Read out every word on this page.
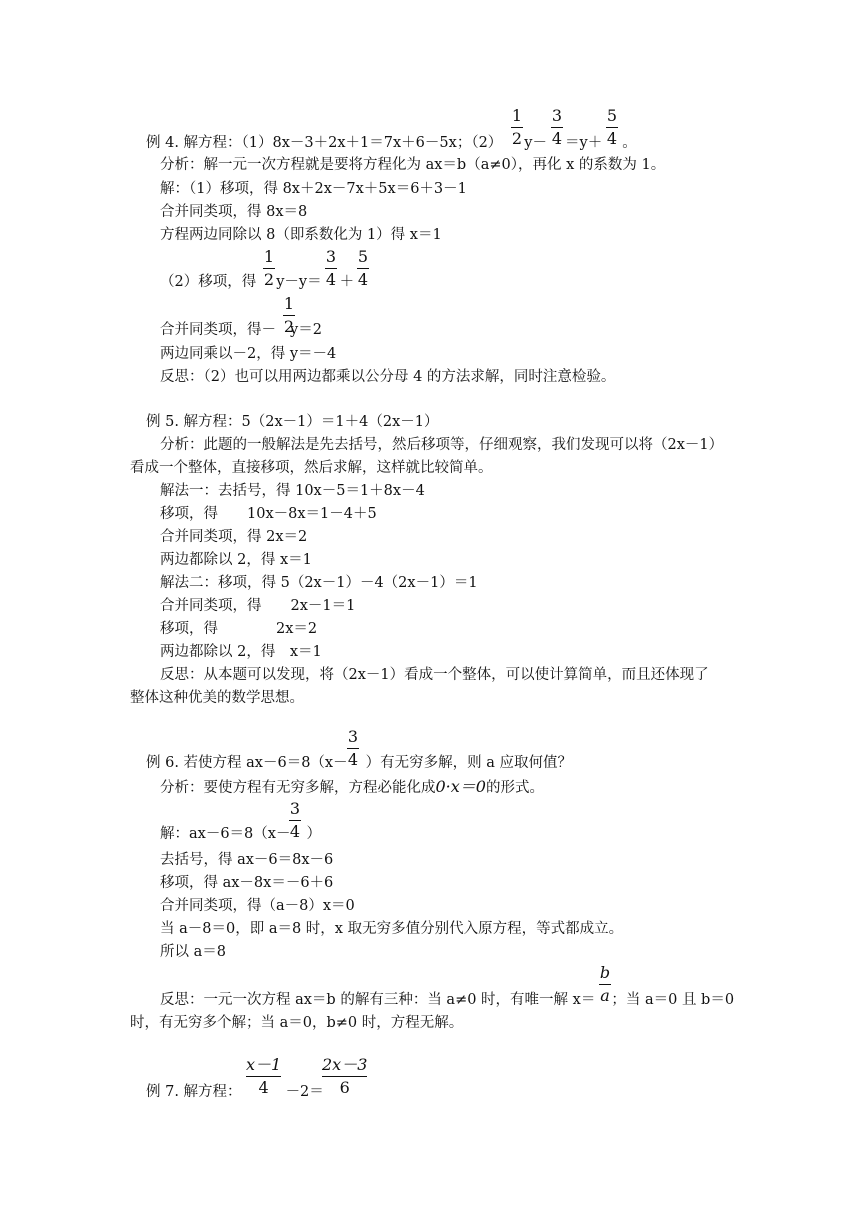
$\frac{1}{2} \frac{3}{4}$	$\frac{5}{4}$
例 4. 解方程：（1）8x－3＋2x＋1＝7x＋6－5x；（2） y－ ＝y＋ 。
分析：解一元一次方程就是要将方程化为 ax＝b（a≠0），再化 x 的系数为 1。
解：（1）移项，得 8x＋2x－7x＋5x＝6＋3－1
合并同类项，得 8x＝8
方程两边同除以 8（即系数化为 1）得 x＝1
$\frac{1}{2}$	$\frac{3}{4} \frac{5}{4}$
（2）移项，得 y－y＝ ＋
$\frac{1}{2}$
合并同类项，得－ y＝2
两边同乘以－2，得 y＝－4
反思：（2）也可以用两边都乘以公分母 4 的方法求解，同时注意检验。
例 5. 解方程：5（2x－1）＝1＋4（2x－1）
分析：此题的一般解法是先去括号，然后移项等，仔细观察，我们发现可以将（2x－1）
看成一个整体，直接移项，然后求解，这样就比较简单。
解法一：去括号，得 10x－5＝1＋8x－4
移项，得　　10x－8x＝1－4＋5
合并同类项，得 2x＝2
两边都除以 2，得 x＝1
解法二：移项，得 5（2x－1）－4（2x－1）＝1
合并同类项，得　　2x－1＝1
移项，得　　　　2x＝2
两边都除以 2，得　x＝1
反思：从本题可以发现，将（2x－1）看成一个整体，可以使计算简单，而且还体现了
整体这种优美的数学思想。
$\frac{3}{4}$
例 6. 若使方程 ax－6＝8（x－ ）有无穷多解，则 a 应取何值？
分析：要使方程有无穷多解，方程必能化成0·x＝0的形式。
$\frac{3}{4}$
解：ax－6＝8（x－ ）
去括号，得 ax－6＝8x－6
移项，得 ax－8x＝－6＋6
合并同类项，得（a－8）x＝0
当 a－8＝0，即 a＝8 时，x 取无穷多值分别代入原方程，等式都成立。
所以 a＝8
$\frac{b}{a}$
反思：一元一次方程 ax＝b 的解有三种：当 a≠0 时，有唯一解 x＝ ；当 a＝0 且 b＝0
时，有无穷多个解；当 a＝0，b≠0 时，方程无解。
$\frac{x-1}{4}$	$\frac{2x-3}{6}$
例 7. 解方程：	－2＝
